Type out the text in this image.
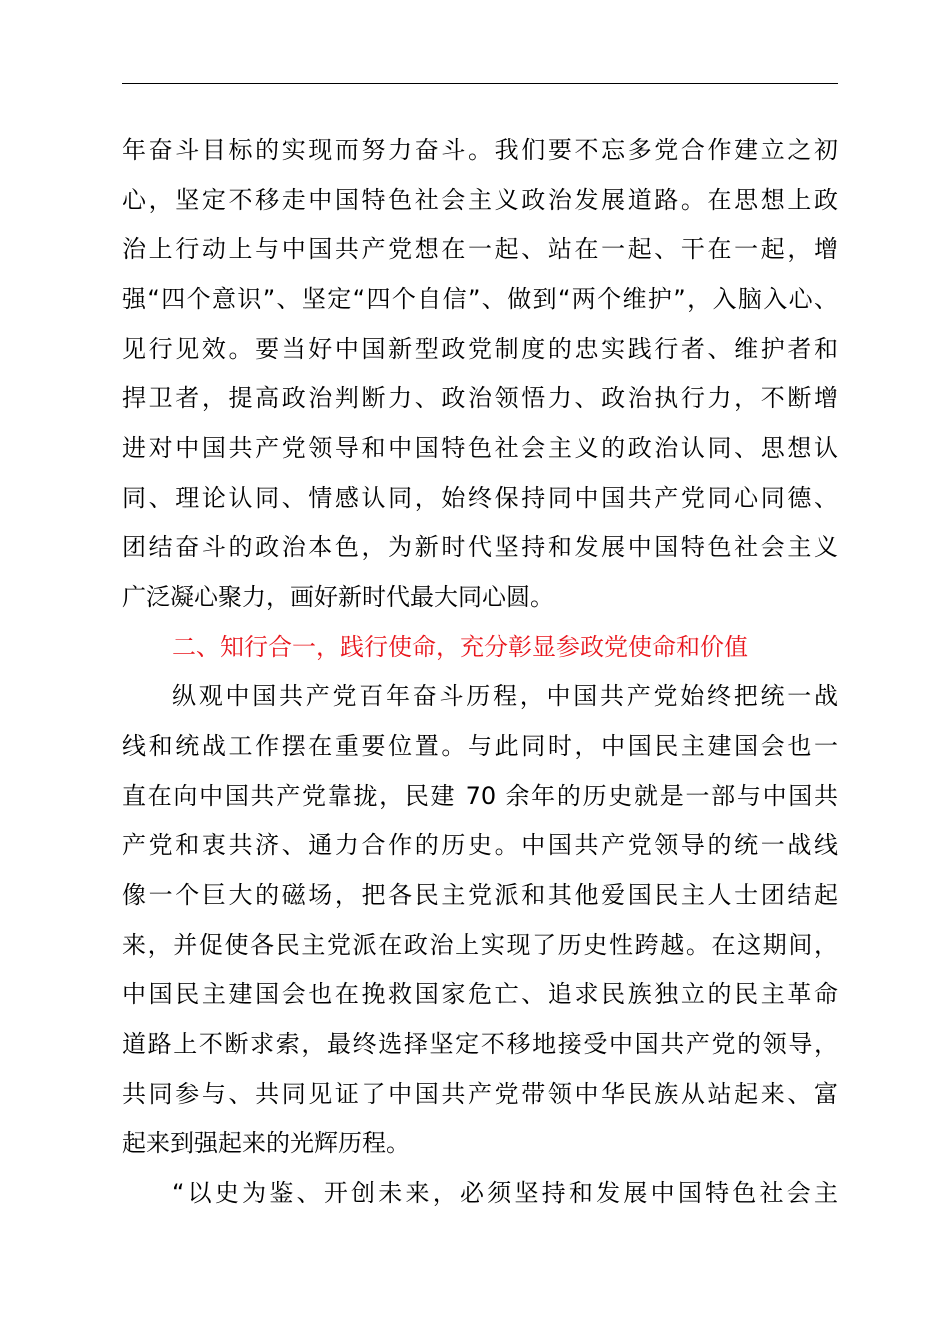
年奋斗目标的实现而努力奋斗。我们要不忘多党合作建立之初
心，坚定不移走中国特色社会主义政治发展道路。在思想上政
治上行动上与中国共产党想在一起、站在一起、干在一起，增
强“四个意识”、坚定“四个自信”、做到“两个维护”，入脑入心、
见行见效。要当好中国新型政党制度的忠实践行者、维护者和
捍卫者，提高政治判断力、政治领悟力、政治执行力，不断增
进对中国共产党领导和中国特色社会主义的政治认同、思想认
同、理论认同、情感认同，始终保持同中国共产党同心同德、
团结奋斗的政治本色，为新时代坚持和发展中国特色社会主义
广泛凝心聚力，画好新时代最大同心圆。
二、知行合一，践行使命，充分彰显参政党使命和价值
纵观中国共产党百年奋斗历程，中国共产党始终把统一战
线和统战工作摆在重要位置。与此同时，中国民主建国会也一
直在向中国共产党靠拢，民建 70 余年的历史就是一部与中国共
产党和衷共济、通力合作的历史。中国共产党领导的统一战线
像一个巨大的磁场，把各民主党派和其他爱国民主人士团结起
来，并促使各民主党派在政治上实现了历史性跨越。在这期间，
中国民主建国会也在挽救国家危亡、追求民族独立的民主革命
道路上不断求索，最终选择坚定不移地接受中国共产党的领导，
共同参与、共同见证了中国共产党带领中华民族从站起来、富
起来到强起来的光辉历程。
“以史为鉴、开创未来，必须坚持和发展中国特色社会主
